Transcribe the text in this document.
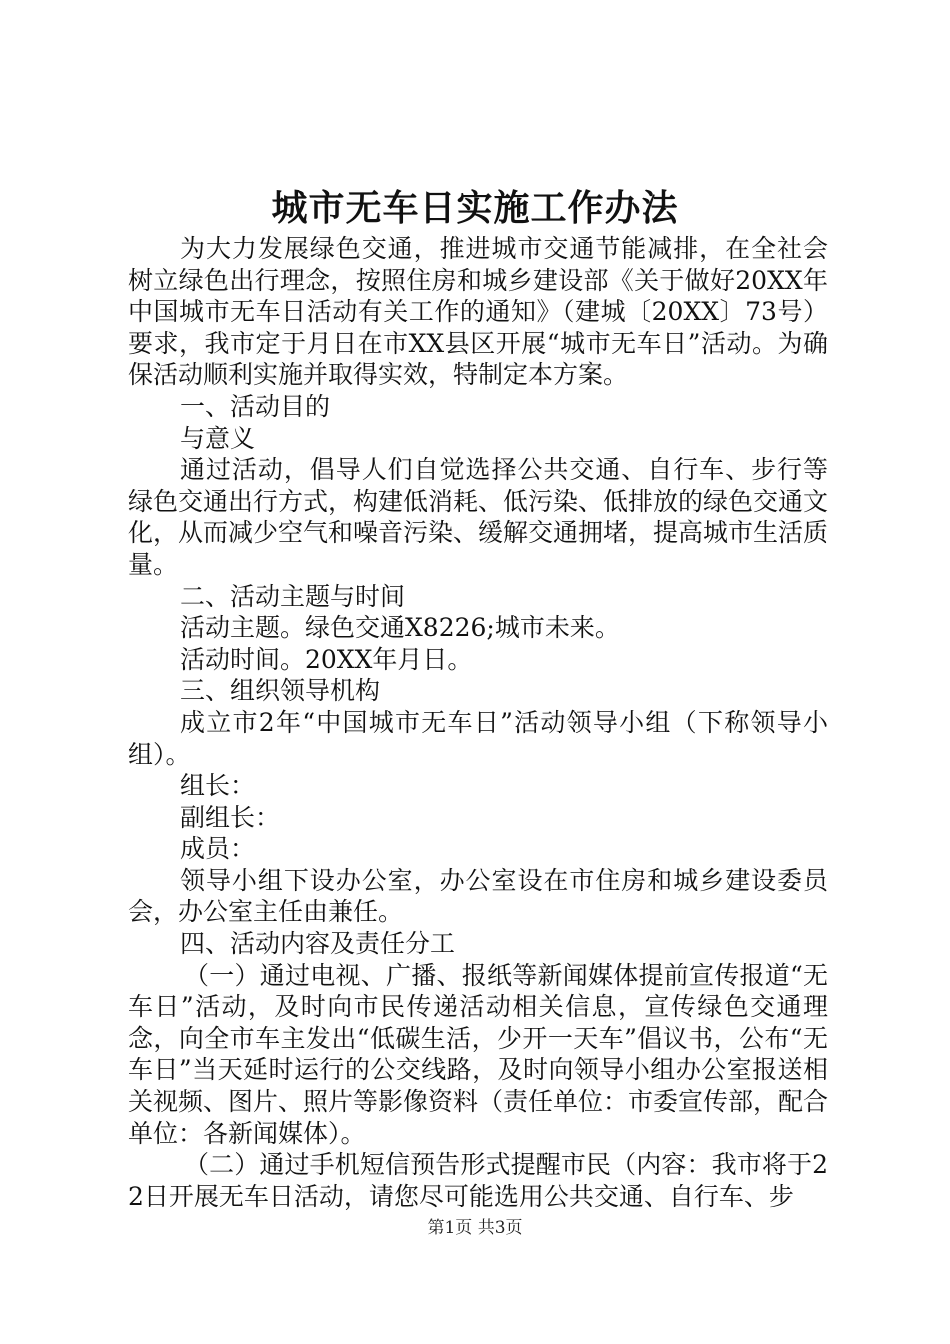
城市无车日实施工作办法

为大力发展绿色交通，推进城市交通节能减排，在全社会树立绿色出行理念，按照住房和城乡建设部《关于做好20XX年中国城市无车日活动有关工作的通知》（建城〔20XX〕73号）要求，我市定于月日在市XX县区开展“城市无车日”活动。为确保活动顺利实施并取得实效，特制定本方案。

一、活动目的

与意义

通过活动，倡导人们自觉选择公共交通、自行车、步行等绿色交通出行方式，构建低消耗、低污染、低排放的绿色交通文化，从而减少空气和噪音污染、缓解交通拥堵，提高城市生活质量。

二、活动主题与时间

活动主题。绿色交通X8226;城市未来。

活动时间。20XX年月日。

三、组织领导机构

成立市2年“中国城市无车日”活动领导小组（下称领导小组）。

组长：

副组长：

成员：

领导小组下设办公室，办公室设在市住房和城乡建设委员会，办公室主任由兼任。

四、活动内容及责任分工

（一）通过电视、广播、报纸等新闻媒体提前宣传报道“无车日”活动，及时向市民传递活动相关信息，宣传绿色交通理念，向全市车主发出“低碳生活，少开一天车”倡议书，公布“无车日”当天延时运行的公交线路，及时向领导小组办公室报送相关视频、图片、照片等影像资料（责任单位：市委宣传部，配合单位：各新闻媒体）。

（二）通过手机短信预告形式提醒市民（内容：我市将于22日开展无车日活动，请您尽可能选用公共交通、自行车、步

第1页 共3页
